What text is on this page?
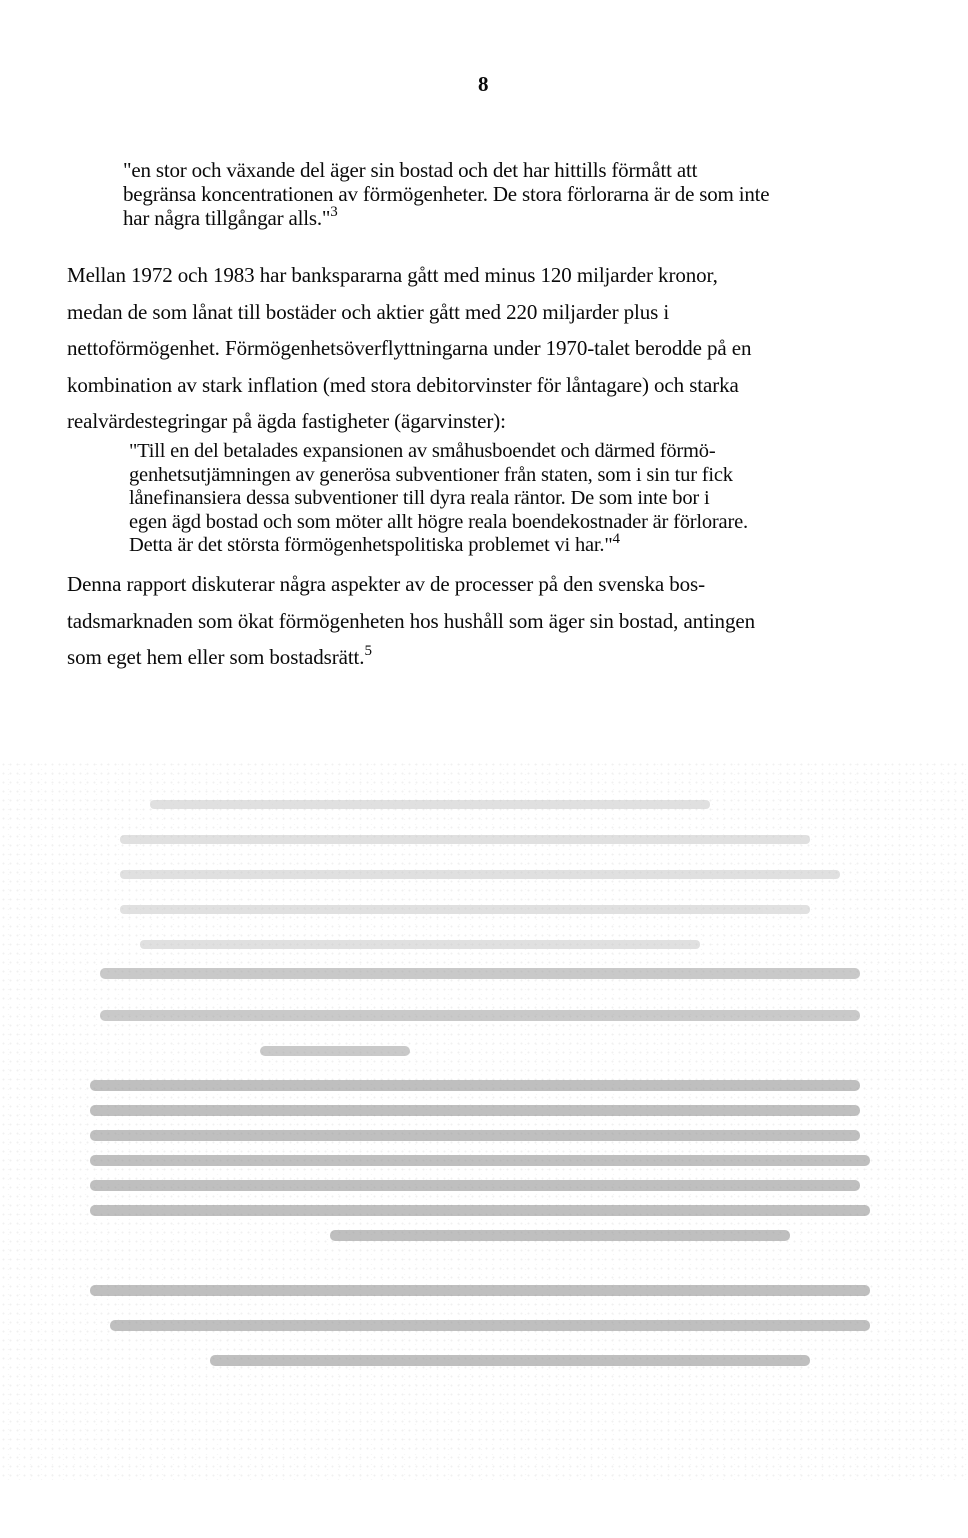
8
"en stor och växande del äger sin bostad och det har hittills förmått att
begränsa koncentrationen av förmögenheter. De stora förlorarna är de som inte
har några tillgångar alls."$^3$

Mellan 1972 och 1983 har bankspararna gått med minus 120 miljarder kronor,
medan de som lånat till bostäder och aktier gått med 220 miljarder plus i
nettoförmögenhet. Förmögenhetsöverflyttningarna under 1970-talet berodde på en
kombination av stark inflation (med stora debitorvinster för låntagare) och starka
realvärdestegringar på ägda fastigheter (ägarvinster):

"Till en del betalades expansionen av småhusboendet och därmed förmö-
genhetsutjämningen av generösa subventioner från staten, som i sin tur fick
lånefinansiera dessa subventioner till dyra reala räntor. De som inte bor i
egen ägd bostad och som möter allt högre reala boendekostnader är förlorare.
Detta är det största förmögenhetspolitiska problemet vi har."$^4$

Denna rapport diskuterar några aspekter av de processer på den svenska bos-
tadsmarknaden som ökat förmögenheten hos hushåll som äger sin bostad, antingen
som eget hem eller som bostadsrätt.$^5$
